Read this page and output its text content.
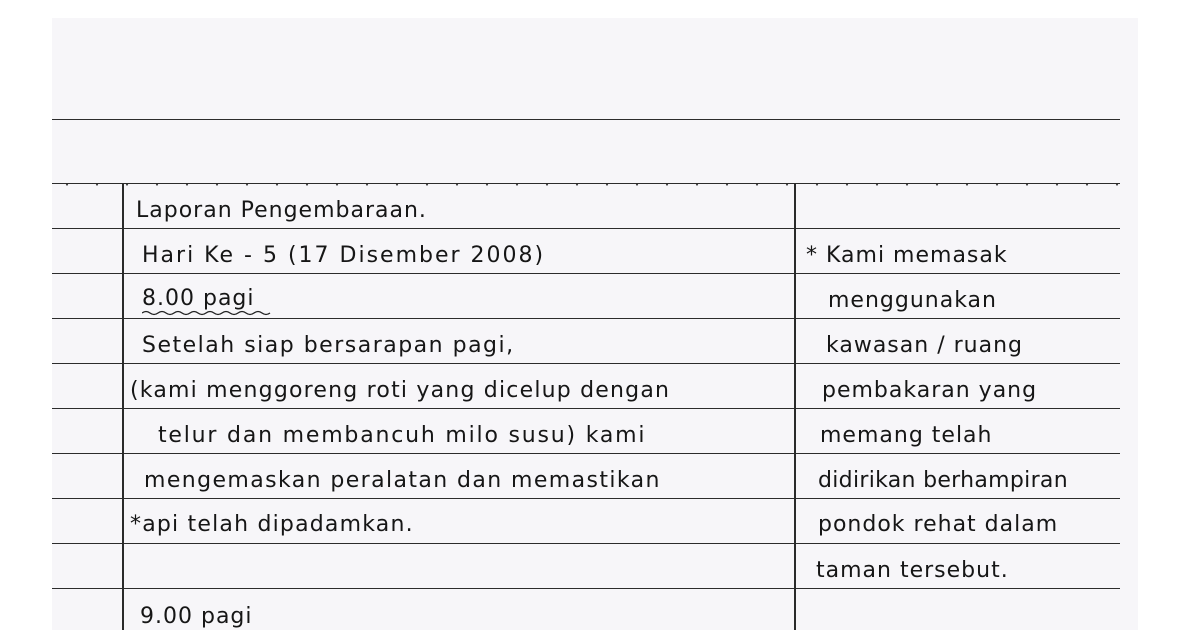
Laporan Pengembaraan.
Hari Ke - 5 (17 Disember 2008)
8.00 pagi
Setelah siap bersarapan pagi,
(kami menggoreng roti yang dicelup dengan
telur dan membancuh milo susu) kami
mengemaskan peralatan dan memastikan
*api telah dipadamkan.
9.00 pagi
* Kami memasak
menggunakan
kawasan / ruang
pembakaran yang
memang telah
didirikan berhampiran
pondok rehat dalam
taman tersebut.
